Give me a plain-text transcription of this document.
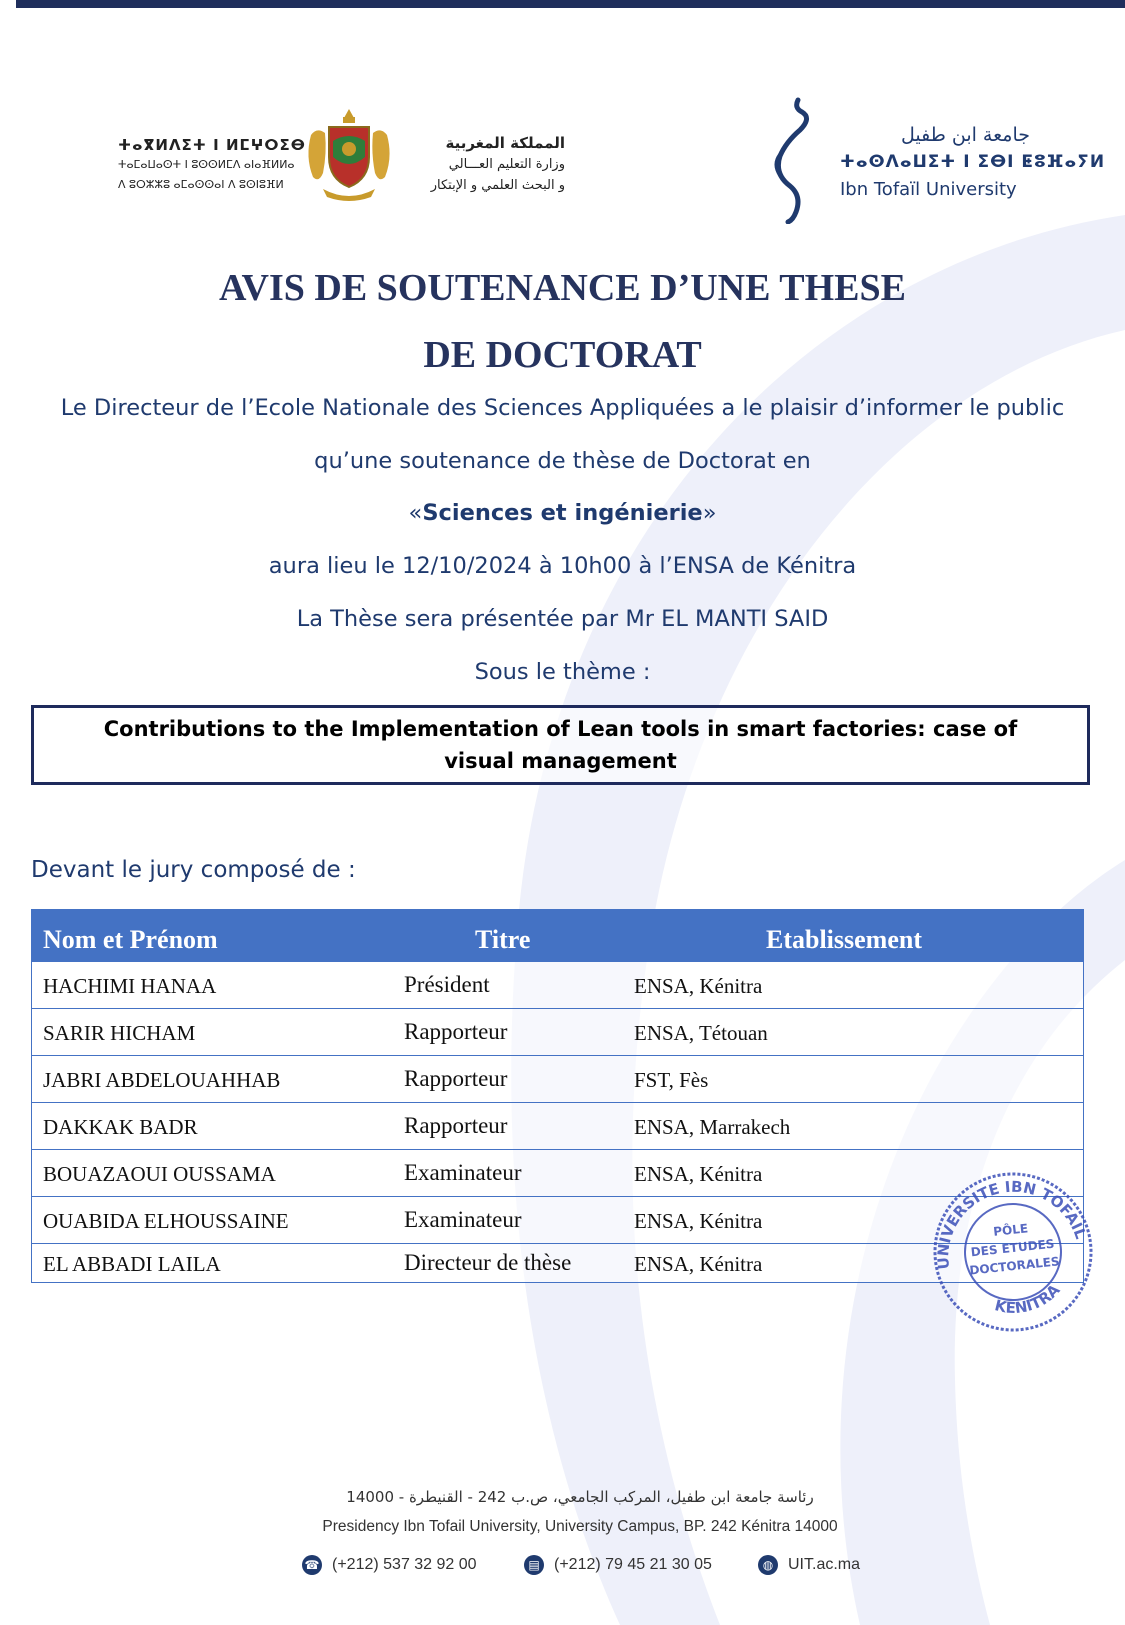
ⵜⴰⴳⵍⴷⵉⵜ ⵏ ⵍⵎⵖⵔⵉⴱ
ⵜⴰⵎⴰⵡⴰⵙⵜ ⵏ ⵓⵙⵙⵍⵎⴷ ⴰⵏⴰⴼⵍⵍⴰ
ⴷ ⵓⵔⵣⵣⵓ ⴰⵎⴰⵙⵙⴰⵏ ⴷ ⵓⵙⵏⵓⴼⵍ
المملكة المغربية
وزارة التعليم العـــالي
و البحث العلمي و الإبتكار
جامعة ابن طفيل
ⵜⴰⵙⴷⴰⵡⵉⵜ ⵏ ⵉⴱⵏ ⵟⵓⴼⴰⵢⵍ
Ibn Tofaïl University
AVIS DE SOUTENANCE D’UNE THESE
DE DOCTORAT
Le Directeur de l’Ecole Nationale des Sciences Appliquées a le plaisir d’informer le public
qu’une soutenance de thèse de Doctorat en
«Sciences et ingénierie»
aura lieu le 12/10/2024 à 10h00 à l’ENSA de Kénitra
La Thèse sera présentée par Mr EL MANTI SAID
Sous le thème :
Contributions to the Implementation of Lean tools in smart factories: case of visual management
Devant le jury composé de :
Nom et Prénom	Titre	Etablissement
HACHIMI HANAA	Président	ENSA, Kénitra
SARIR HICHAM	Rapporteur	ENSA, Tétouan
JABRI ABDELOUAHHAB	Rapporteur	FST, Fès
DAKKAK BADR	Rapporteur	ENSA, Marrakech
BOUAZAOUI OUSSAMA	Examinateur	ENSA, Kénitra
OUABIDA ELHOUSSAINE	Examinateur	ENSA, Kénitra
EL ABBADI LAILA	Directeur de thèse	ENSA, Kénitra	UNIVERSITE IBN TOFAIL
KENITRA
PÔLE
DES ETUDES
DOCTORALES
رئاسة جامعة ابن طفيل، المركب الجامعي، ص.ب 242 - القنيطرة - 14000
Presidency Ibn Tofail University, University Campus, BP. 242 Kénitra 14000
☎ (+212) 537 32 92 00	▤ (+212) 79 45 21 30 05	◍ UIT.ac.ma
